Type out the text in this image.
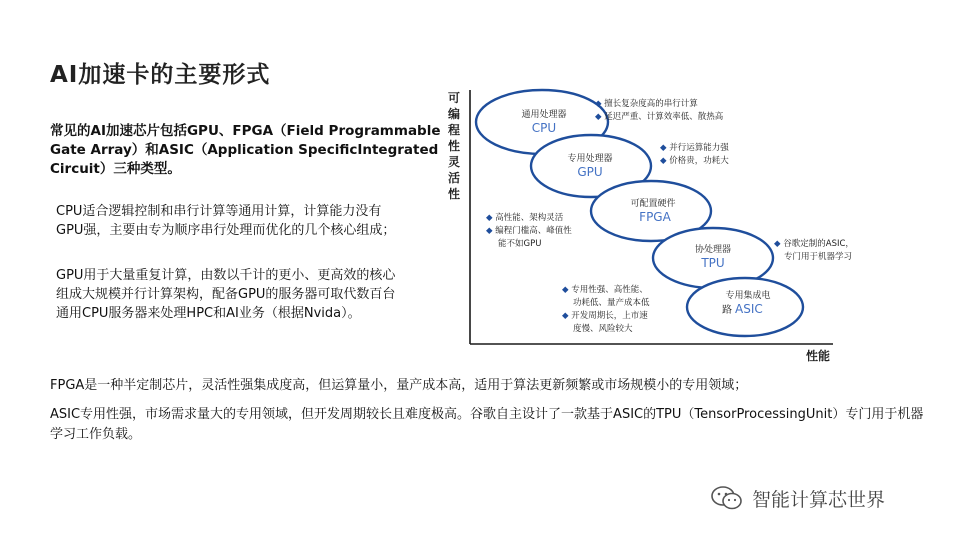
AI加速卡的主要形式
常见的AI加速芯片包括GPU、FPGA（Field Programmable Gate Array）和ASIC（Application SpecificIntegrated Circuit）三种类型。
CPU适合逻辑控制和串行计算等通用计算，计算能力没有GPU强，主要由专为顺序串行处理而优化的几个核心组成；
GPU用于大量重复计算，由数以千计的更小、更高效的核心组成大规模并行计算架构，配备GPU的服务器可取代数百台通用CPU服务器来处理HPC和AI业务（根据Nvida）。
可
编
程
性
灵
活
性
性能
通用处理器
专用处理器
可配置硬件
协处理器
专用集成电
CPU
GPU
FPGA
TPU
路 ASIC
◆ 擅长复杂度高的串行计算
◆ 延迟严重、计算效率低、散热高
◆ 并行运算能力强
◆ 价格贵，功耗大
◆ 高性能、架构灵活
◆ 编程门槛高、峰值性
能不如GPU	◆ 谷歌定制的ASIC，
专门用于机器学习
◆ 专用性强、高性能、
功耗低、量产成本低
◆ 开发周期长，上市速
度慢、风险较大
FPGA是一种半定制芯片，灵活性强集成度高，但运算量小，量产成本高，适用于算法更新频繁或市场规模小的专用领域；
ASIC专用性强，市场需求量大的专用领域，但开发周期较长且难度极高。谷歌自主设计了一款基于ASIC的TPU（TensorProcessingUnit）专门用于机器学习工作负载。
智能计算芯世界
